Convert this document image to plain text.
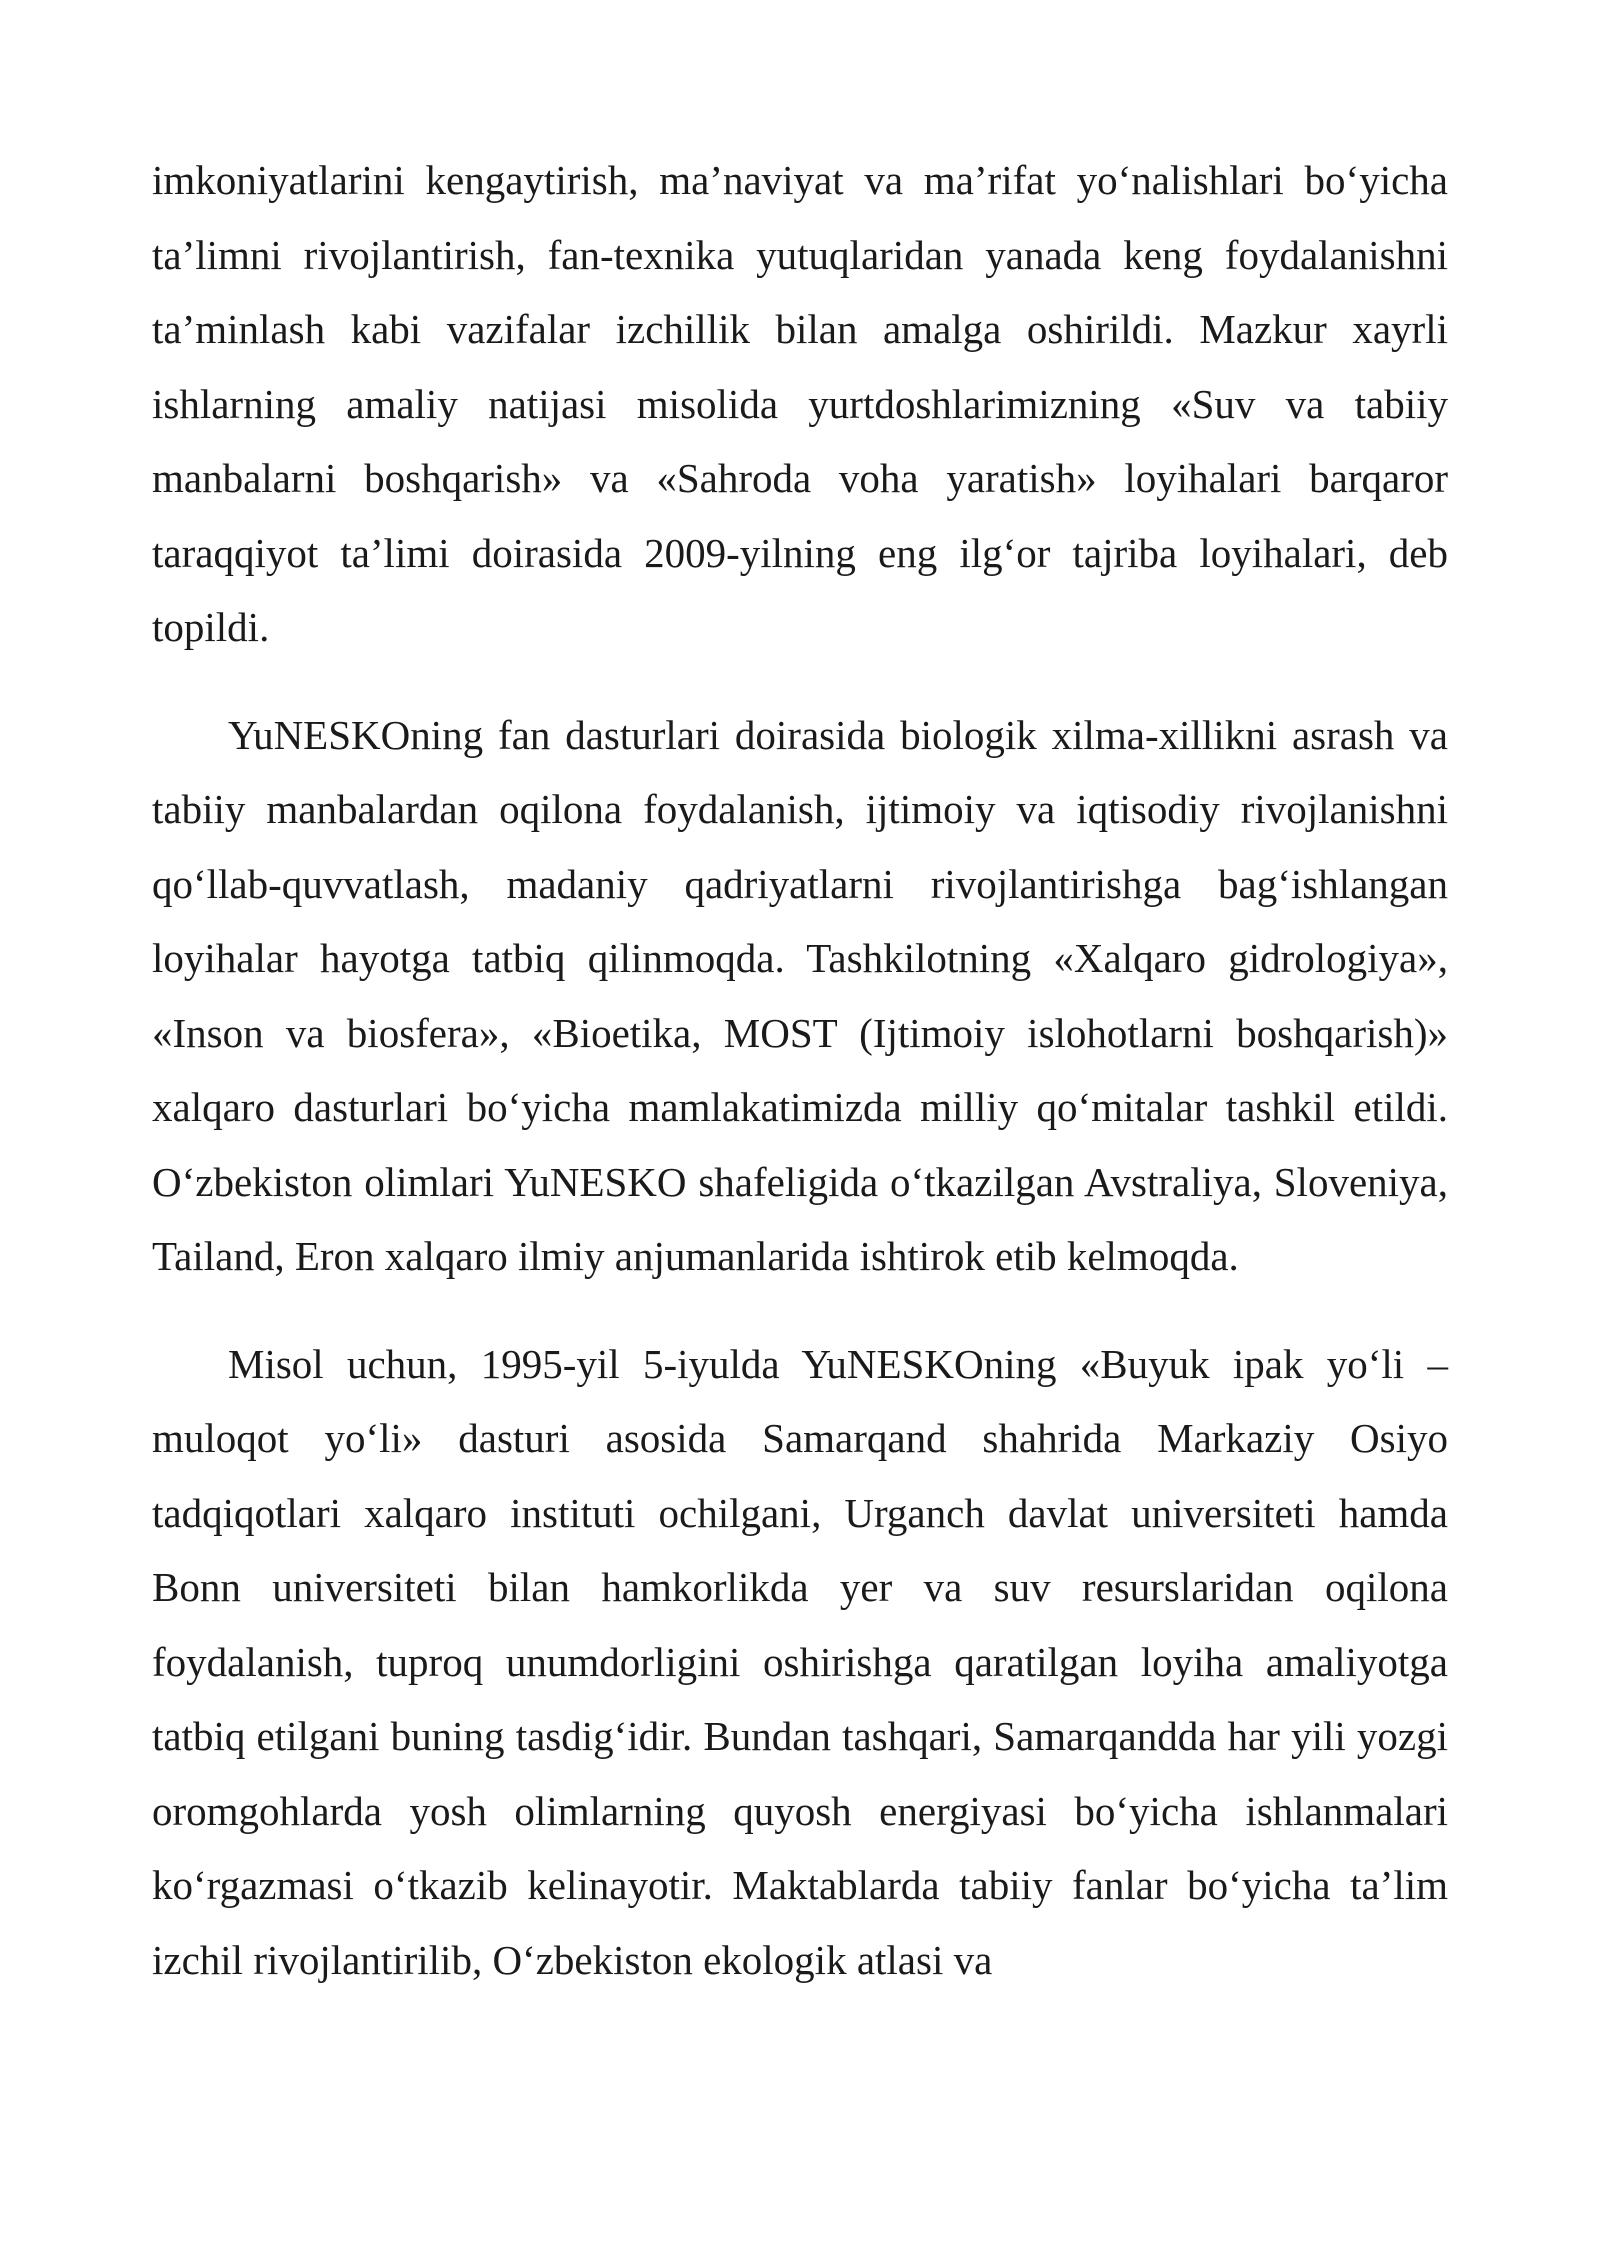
imkoniyatlarini kengaytirish, ma’naviyat va ma’rifat yo‘nalishlari bo‘yicha ta’limni rivojlantirish, fan-texnika yutuqlaridan yanada keng foydalanishni ta’minlash kabi vazifalar izchillik bilan amalga oshirildi. Mazkur xayrli ishlarning amaliy natijasi misolida yurtdoshlarimizning «Suv va tabiiy manbalarni boshqarish» va «Sahroda voha yaratish» loyihalari barqaror taraqqiyot ta’limi doirasida 2009-yilning eng ilg‘or tajriba loyihalari, deb topildi.

YuNESKOning fan dasturlari doirasida biologik xilma-xillikni asrash va tabiiy manbalardan oqilona foydalanish, ijtimoiy va iqtisodiy rivojlanishni qo‘llab-quvvatlash, madaniy qadriyatlarni rivojlantirishga bag‘ishlangan loyihalar hayotga tatbiq qilinmoqda. Tashkilotning «Xalqaro gidrologiya», «Inson va biosfera», «Bioetika, MOST (Ijtimoiy islohotlarni boshqarish)» xalqaro dasturlari bo‘yicha mamlakatimizda milliy qo‘mitalar tashkil etildi. O‘zbekiston olimlari YuNESKO shafeligida o‘tkazilgan Avstraliya, Sloveniya, Tailand, Eron xalqaro ilmiy anjumanlarida ishtirok etib kelmoqda.

Misol uchun, 1995-yil 5-iyulda YuNESKOning «Buyuk ipak yo‘li – muloqot yo‘li» dasturi asosida Samarqand shahrida Markaziy Osiyo tadqiqotlari xalqaro instituti ochilgani, Urganch davlat universiteti hamda Bonn universiteti bilan hamkorlikda yer va suv resurslaridan oqilona foydalanish, tuproq unumdorligini oshirishga qaratilgan loyiha amaliyotga tatbiq etilgani buning tasdig‘idir. Bundan tashqari, Samarqandda har yili yozgi oromgohlarda yosh olimlarning quyosh energiyasi bo‘yicha ishlanmalari ko‘rgazmasi o‘tkazib kelinayotir. Maktablarda tabiiy fanlar bo‘yicha ta’lim izchil rivojlantirilib, O‘zbekiston ekologik atlasi va
